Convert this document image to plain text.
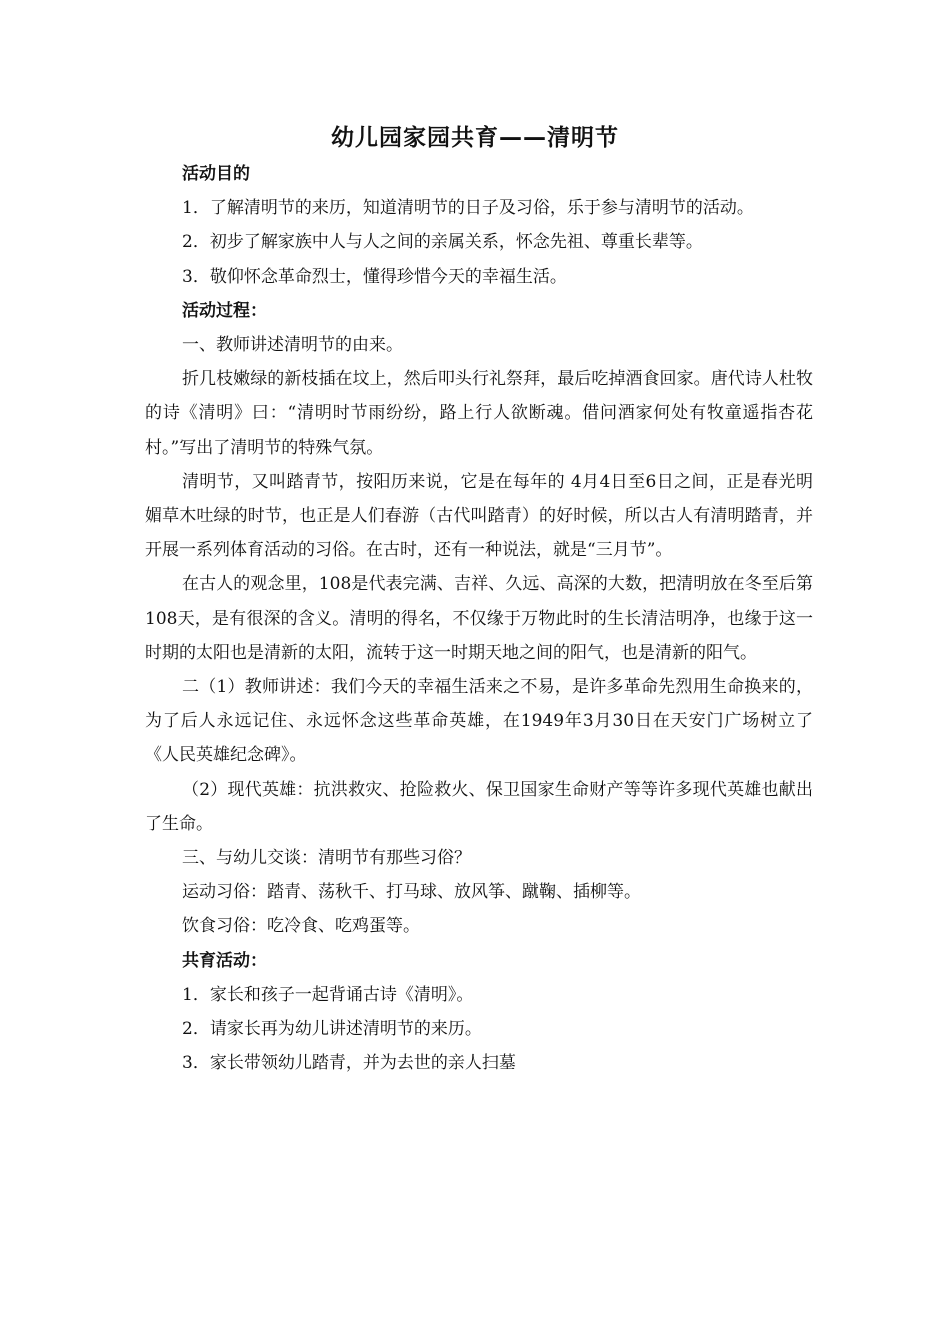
幼儿园家园共育——清明节

活动目的

1．了解清明节的来历，知道清明节的日子及习俗，乐于参与清明节的活动。

2．初步了解家族中人与人之间的亲属关系，怀念先祖、尊重长辈等。

3．敬仰怀念革命烈士，懂得珍惜今天的幸福生活。

活动过程：

一、教师讲述清明节的由来。

折几枝嫩绿的新枝插在坟上，然后叩头行礼祭拜，最后吃掉酒食回家。唐代诗人杜牧的诗《清明》曰：“清明时节雨纷纷，路上行人欲断魂。借问酒家何处有牧童遥指杏花村。”写出了清明节的特殊气氛。

清明节，又叫踏青节，按阳历来说，它是在每年的 4月4日至6日之间，正是春光明媚草木吐绿的时节，也正是人们春游（古代叫踏青）的好时候，所以古人有清明踏青，并开展一系列体育活动的习俗。在古时，还有一种说法，就是“三月节”。

在古人的观念里，108是代表完满、吉祥、久远、高深的大数，把清明放在冬至后第108天，是有很深的含义。清明的得名，不仅缘于万物此时的生长清洁明净，也缘于这一时期的太阳也是清新的太阳，流转于这一时期天地之间的阳气，也是清新的阳气。

二（1）教师讲述：我们今天的幸福生活来之不易，是许多革命先烈用生命换来的，为了后人永远记住、永远怀念这些革命英雄，在1949年3月30日在天安门广场树立了《人民英雄纪念碑》。

（2）现代英雄：抗洪救灾、抢险救火、保卫国家生命财产等等许多现代英雄也献出了生命。

三、与幼儿交谈：清明节有那些习俗？

运动习俗：踏青、荡秋千、打马球、放风筝、蹴鞠、插柳等。

饮食习俗：吃冷食、吃鸡蛋等。

共育活动：

1．家长和孩子一起背诵古诗《清明》。

2．请家长再为幼儿讲述清明节的来历。

3．家长带领幼儿踏青，并为去世的亲人扫墓
